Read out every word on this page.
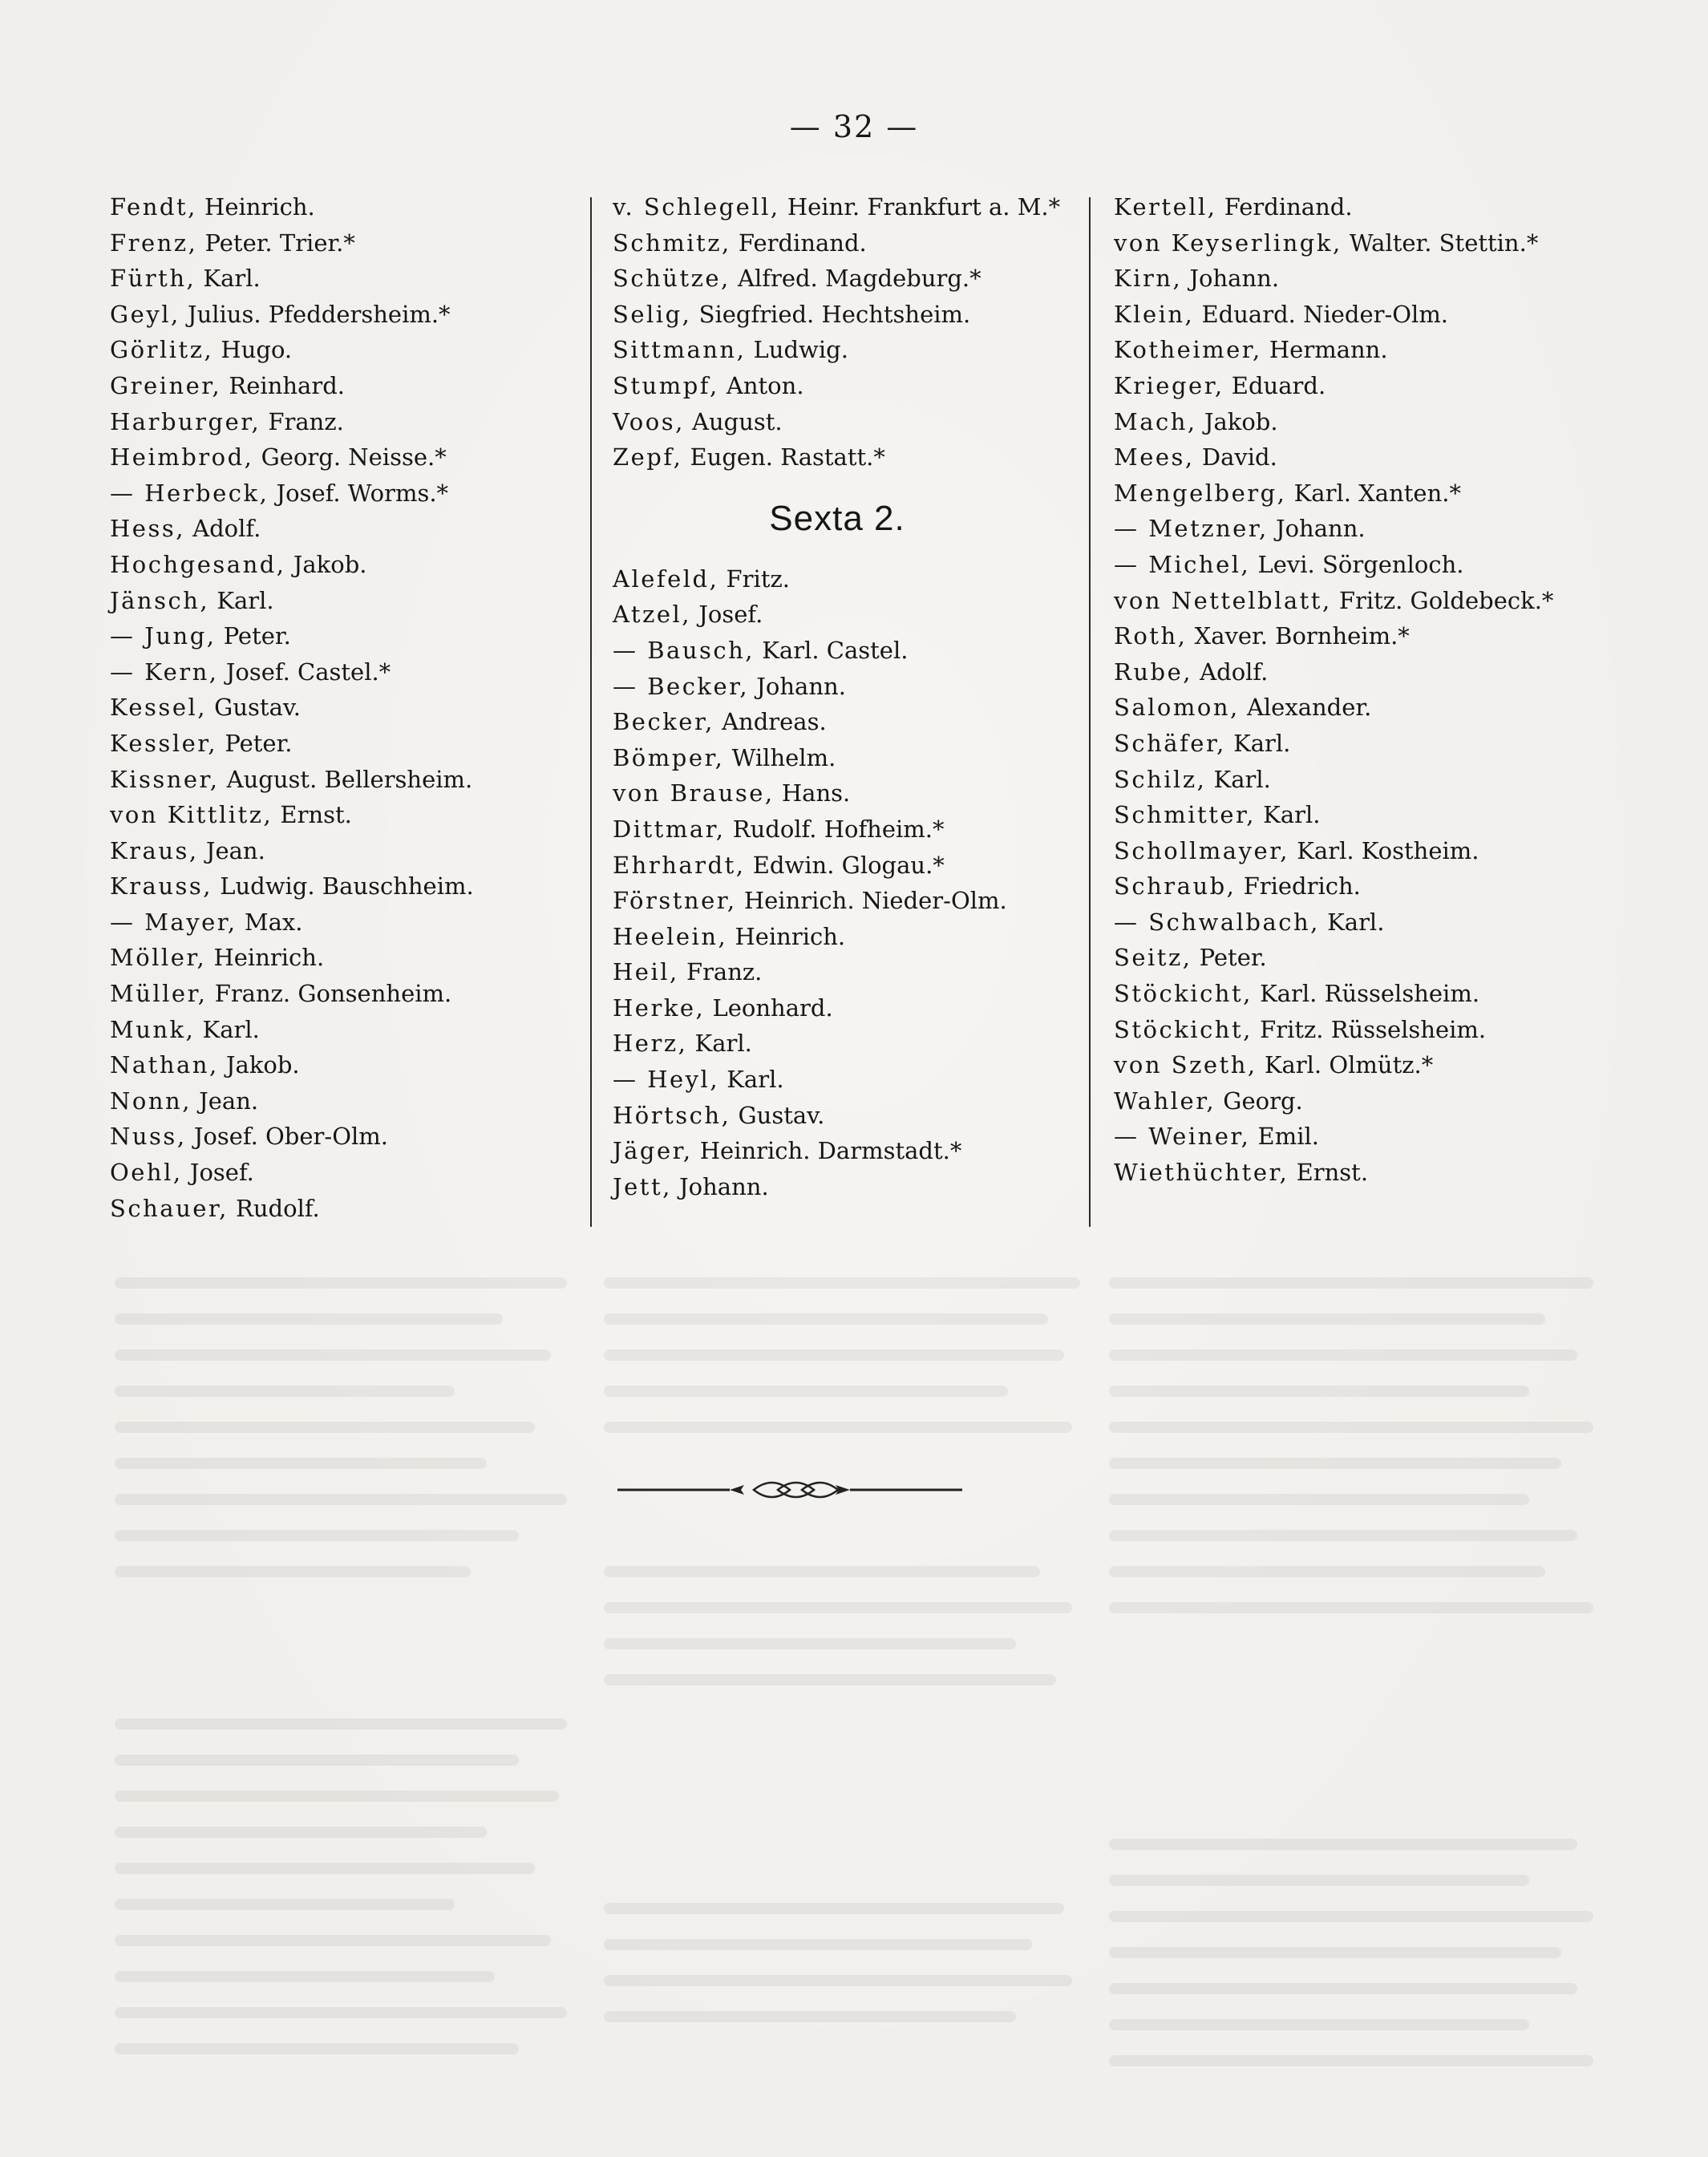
— 32 —
Fendt, Heinrich.
Frenz, Peter. Trier.*
Fürth, Karl.
Geyl, Julius. Pfeddersheim.*
Görlitz, Hugo.
Greiner, Reinhard.
Harburger, Franz.
Heimbrod, Georg. Neisse.*
— Herbeck, Josef. Worms.*
Hess, Adolf.
Hochgesand, Jakob.
Jänsch, Karl.
— Jung, Peter.
— Kern, Josef. Castel.*
Kessel, Gustav.
Kessler, Peter.
Kissner, August. Bellersheim.
von Kittlitz, Ernst.
Kraus, Jean.
Krauss, Ludwig. Bauschheim.
— Mayer, Max.
Möller, Heinrich.
Müller, Franz. Gonsenheim.
Munk, Karl.
Nathan, Jakob.
Nonn, Jean.
Nuss, Josef. Ober-Olm.
Oehl, Josef.
Schauer, Rudolf.
v. Schlegell, Heinr. Frankfurt a. M.*
Schmitz, Ferdinand.
Schütze, Alfred. Magdeburg.*
Selig, Siegfried. Hechtsheim.
Sittmann, Ludwig.
Stumpf, Anton.
Voos, August.
Zepf, Eugen. Rastatt.*
Sexta 2.
Alefeld, Fritz.
Atzel, Josef.
— Bausch, Karl. Castel.
— Becker, Johann.
Becker, Andreas.
Bömper, Wilhelm.
von Brause, Hans.
Dittmar, Rudolf. Hofheim.*
Ehrhardt, Edwin. Glogau.*
Förstner, Heinrich. Nieder-Olm.
Heelein, Heinrich.
Heil, Franz.
Herke, Leonhard.
Herz, Karl.
— Heyl, Karl.
Hörtsch, Gustav.
Jäger, Heinrich. Darmstadt.*
Jett, Johann.
Kertell, Ferdinand.
von Keyserlingk, Walter. Stettin.*
Kirn, Johann.
Klein, Eduard. Nieder-Olm.
Kotheimer, Hermann.
Krieger, Eduard.
Mach, Jakob.
Mees, David.
Mengelberg, Karl. Xanten.*
— Metzner, Johann.
— Michel, Levi. Sörgenloch.
von Nettelblatt, Fritz. Goldebeck.*
Roth, Xaver. Bornheim.*
Rube, Adolf.
Salomon, Alexander.
Schäfer, Karl.
Schilz, Karl.
Schmitter, Karl.
Schollmayer, Karl. Kostheim.
Schraub, Friedrich.
— Schwalbach, Karl.
Seitz, Peter.
Stöckicht, Karl. Rüsselsheim.
Stöckicht, Fritz. Rüsselsheim.
von Szeth, Karl. Olmütz.*
Wahler, Georg.
— Weiner, Emil.
Wiethüchter, Ernst.
